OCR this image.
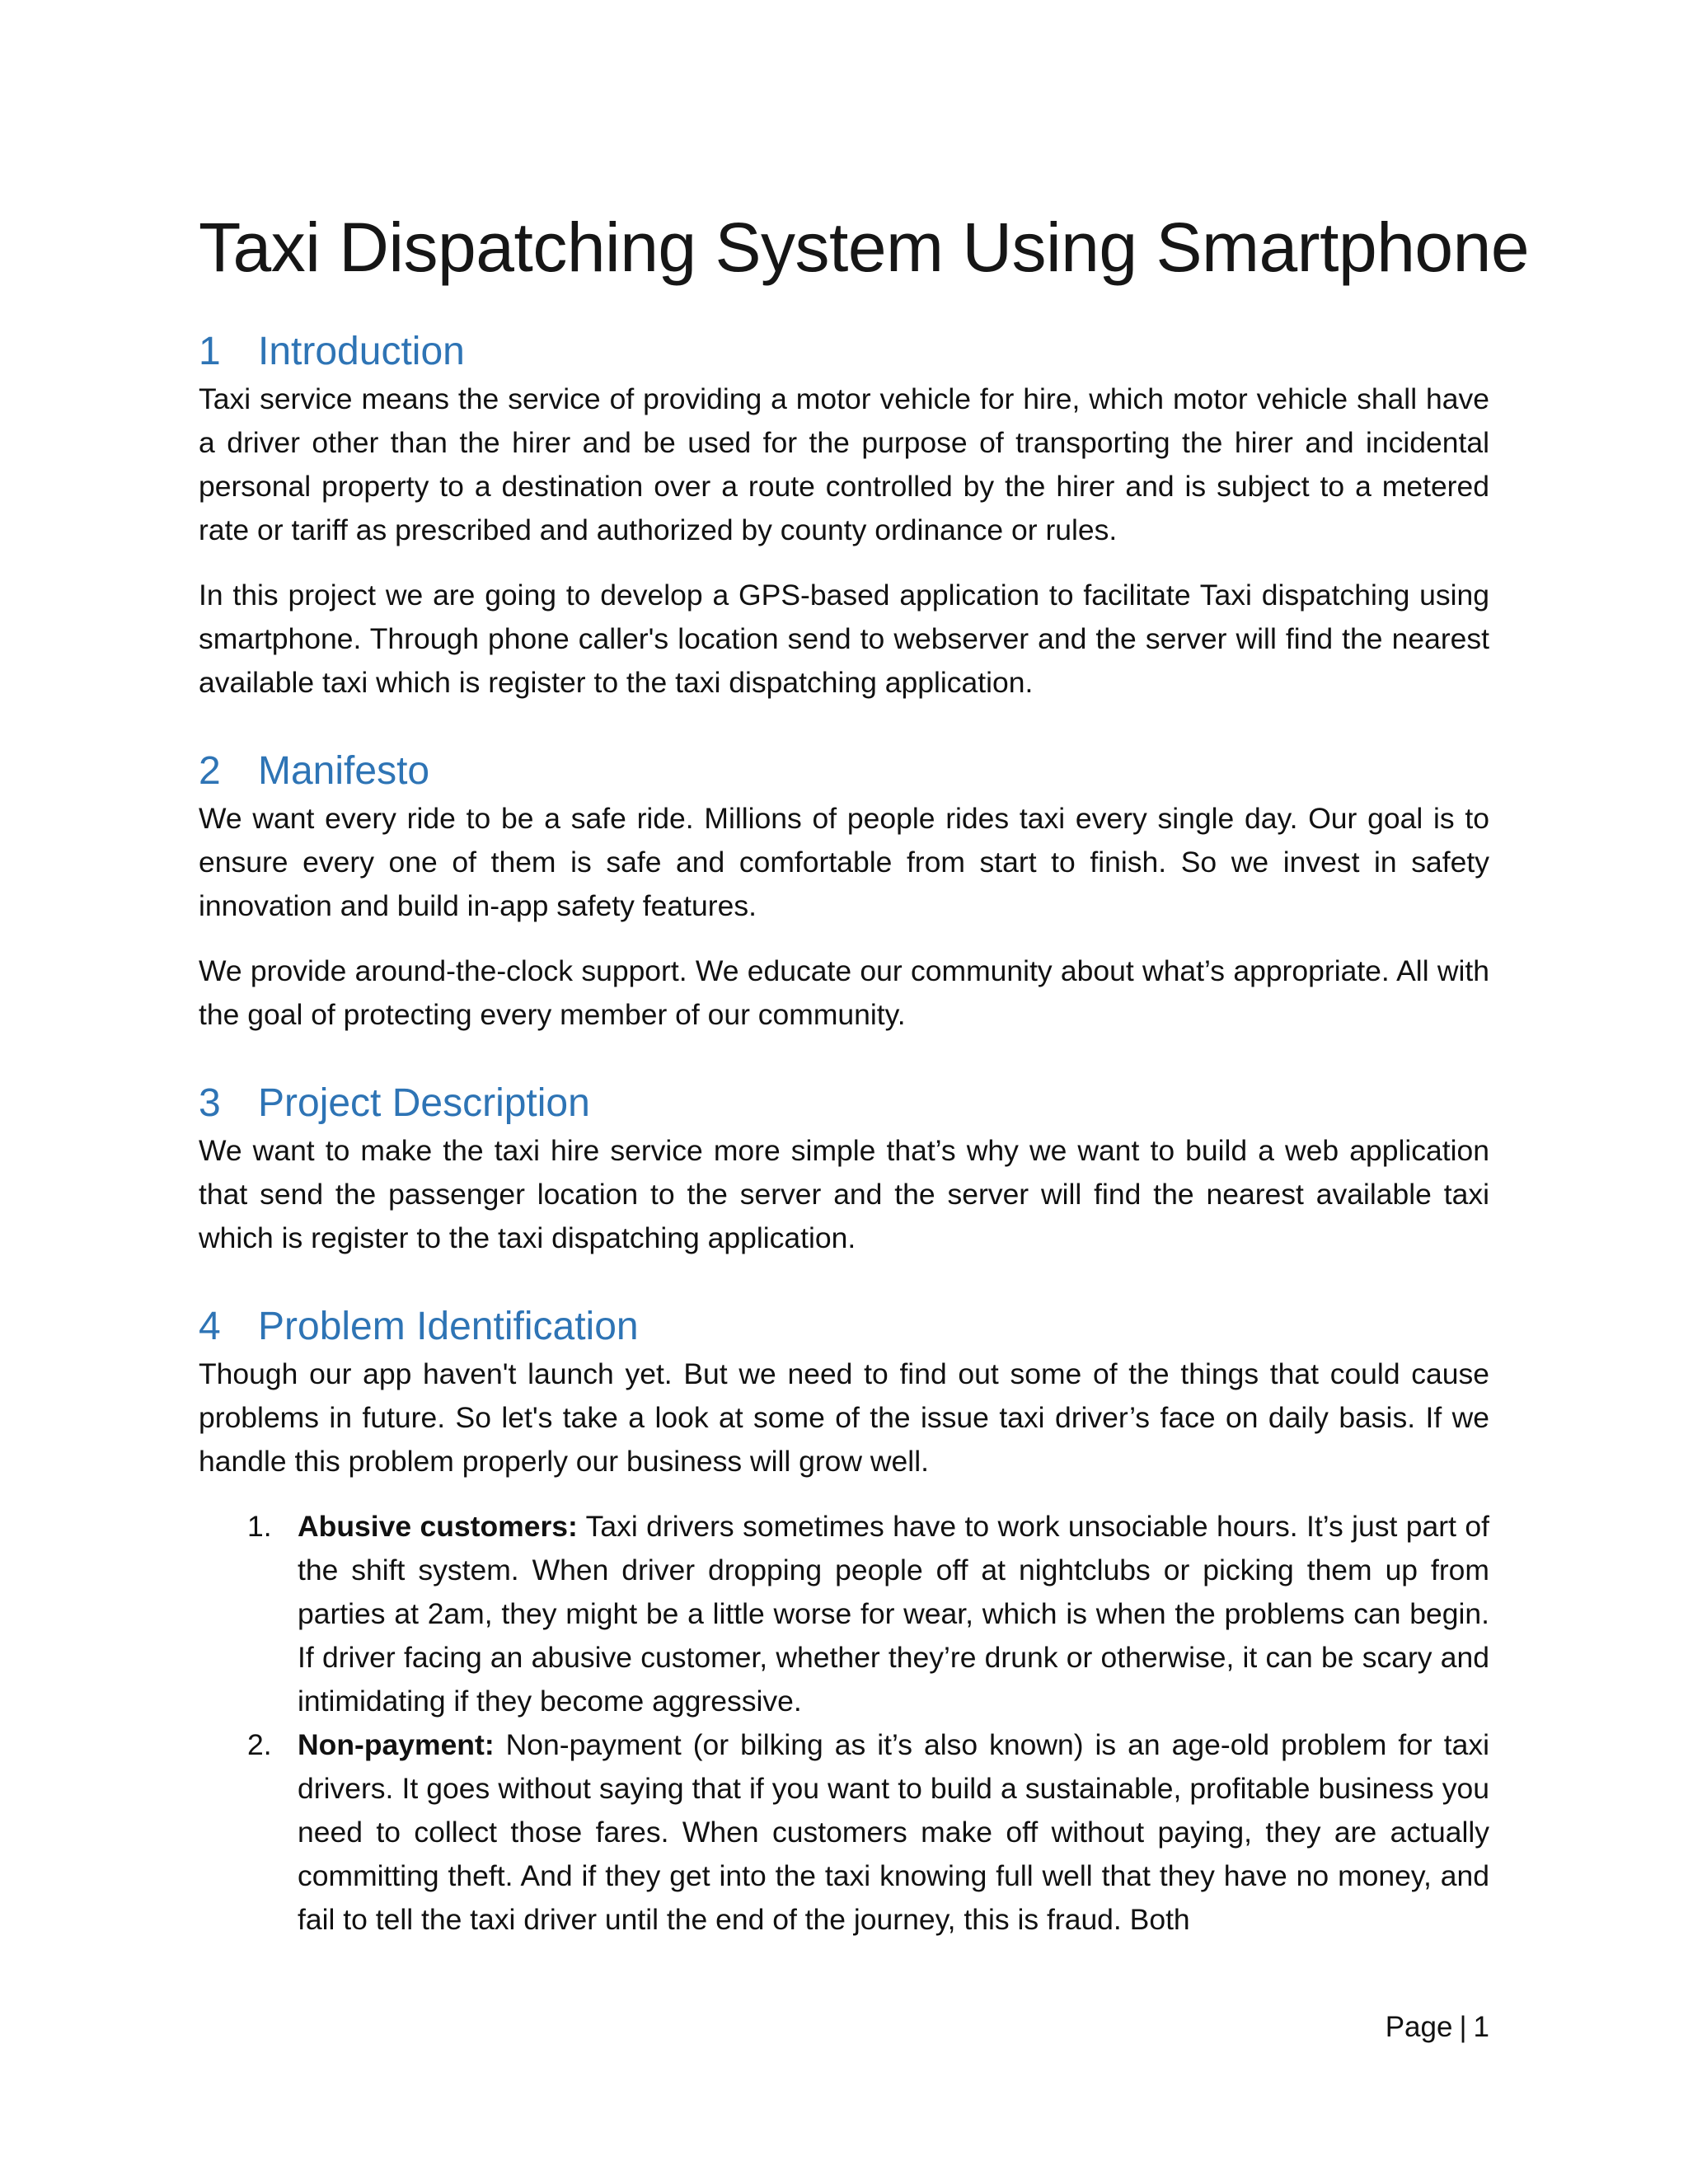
Taxi Dispatching System Using Smartphone
1 Introduction

Taxi service means the service of providing a motor vehicle for hire, which motor vehicle shall have a driver other than the hirer and be used for the purpose of transporting the hirer and incidental personal property to a destination over a route controlled by the hirer and is subject to a metered rate or tariff as prescribed and authorized by county ordinance or rules.

In this project we are going to develop a GPS-based application to facilitate Taxi dispatching using smartphone. Through phone caller's location send to webserver and the server will find the nearest available taxi which is register to the taxi dispatching application.

2 Manifesto

We want every ride to be a safe ride. Millions of people rides taxi every single day. Our goal is to ensure every one of them is safe and comfortable from start to finish. So we invest in safety innovation and build in-app safety features.

We provide around-the-clock support. We educate our community about what’s appropriate. All with the goal of protecting every member of our community.

3 Project Description

We want to make the taxi hire service more simple that’s why we want to build a web application that send the passenger location to the server and the server will find the nearest available taxi which is register to the taxi dispatching application.

4 Problem Identification

Though our app haven't launch yet. But we need to find out some of the things that could cause problems in future. So let's take a look at some of the issue taxi driver’s face on daily basis. If we handle this problem properly our business will grow well.

1. Abusive customers: Taxi drivers sometimes have to work unsociable hours. It’s just part of the shift system. When driver dropping people off at nightclubs or picking them up from parties at 2am, they might be a little worse for wear, which is when the problems can begin. If driver facing an abusive customer, whether they’re drunk or otherwise, it can be scary and intimidating if they become aggressive.
2. Non-payment: Non-payment (or bilking as it’s also known) is an age-old problem for taxi drivers. It goes without saying that if you want to build a sustainable, profitable business you need to collect those fares. When customers make off without paying, they are actually committing theft. And if they get into the taxi knowing full well that they have no money, and fail to tell the taxi driver until the end of the journey, this is fraud. Both
Page | 1
